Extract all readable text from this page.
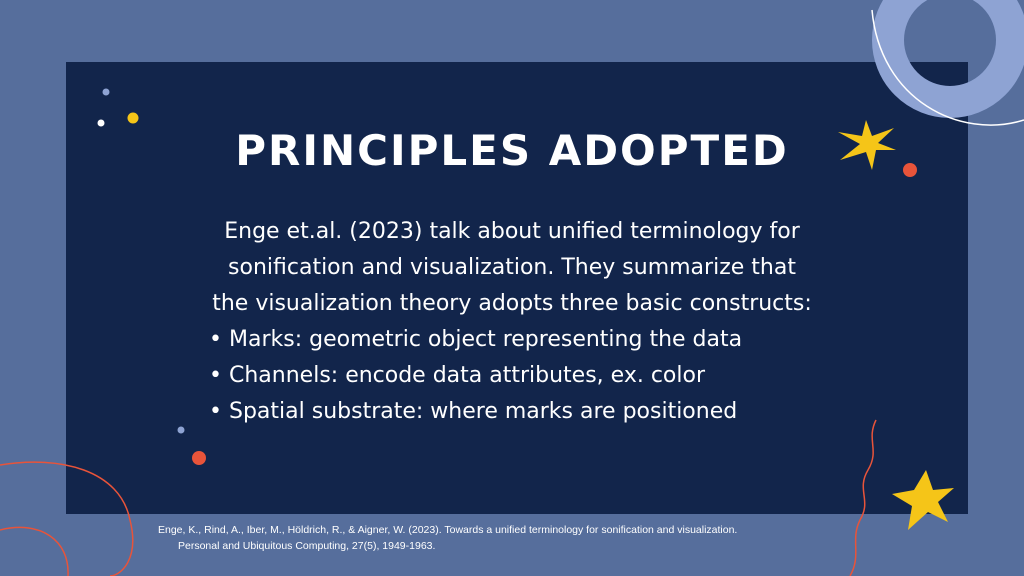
PRINCIPLES ADOPTED
Enge et.al. (2023) talk about unified terminology for
sonification and visualization. They summarize that
the visualization theory adopts three basic constructs:
• Marks: geometric object representing the data
• Channels: encode data attributes, ex. color
• Spatial substrate: where marks are positioned
Enge, K., Rind, A., Iber, M., Höldrich, R., & Aigner, W. (2023). Towards a unified terminology for sonification and visualization.
Personal and Ubiquitous Computing, 27(5), 1949-1963.
